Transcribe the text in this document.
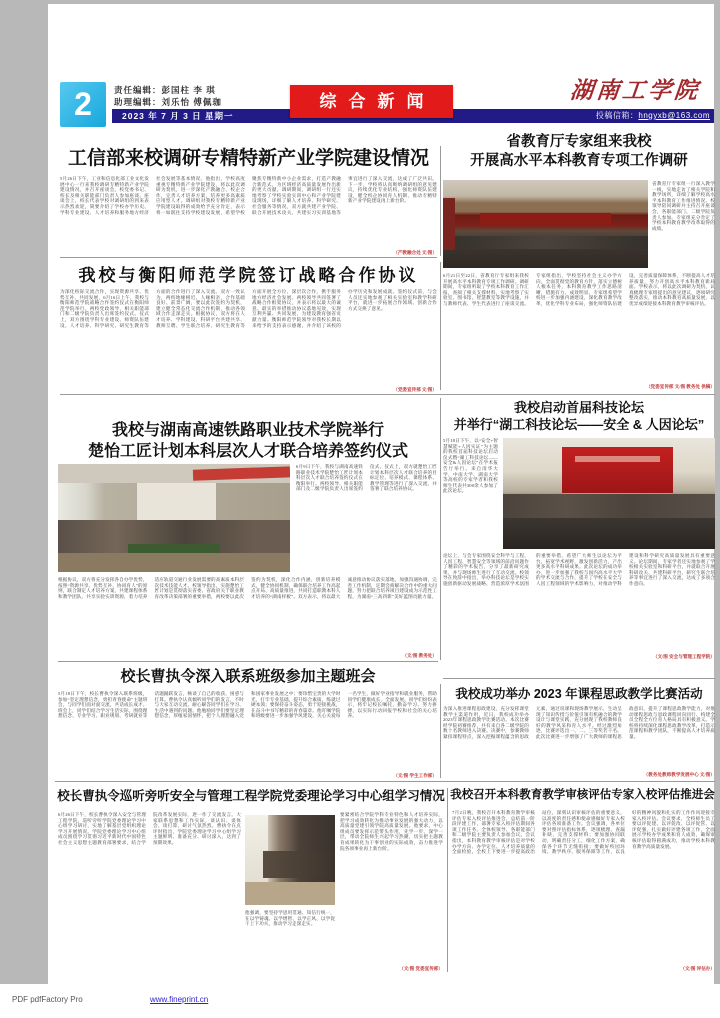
2	责任编辑：彭国柱 李 琪
助理编辑：刘乐怡 傅佩珈
2023 年 7 月 3 日 星期一
综合新闻	湖南工学院
投稿信箱：hngyxb@163.com
工信部来校调研专精特新产业学院建设情况
5月26日下午，工业和信息化部工业文化发展中心一行来我校调研专精特新产业学院建设情况，并召开座谈会。校党委书记、校长及相关职能部门负责人参加座谈。座谈会上，校长代表学校对调研组的到来表示热烈欢迎，简要介绍了学校办学历史、学科专业建设、人才培养和服务地方经济社会发展等基本情况。他指出，学校高度重视专精特新产业学院建设，将以此次调研为契机，进一步深化产教融合、校企合作，完善人才培养方案，培养更多高素质应用型人才。调研组对我校专精特新产业学院建设取得的成效给予充分肯定，表示将一如既往支持学校建设发展，希望学校聚焦专精特新中小企业需求，打造产教融合新范式，为区域经济高质量发展作出新的更大贡献。调研期间，调研组一行还实地考察了学校实验实训中心和产业学院建设现场，详细了解人才培养、科学研究、社会服务等情况，双方就共建产业学院、联合开展技术攻关、共建实习实训基地等事宜进行了深入交流，达成了广泛共识。下一步，学校将认真吸纳调研组的意见建议，持续优化专业结构，强化师资队伍建设，健全校企协同育人机制，推动专精特新产业学院建设再上新台阶。
（产教融合处 文/图）
省教育厅专家组来我校
开展高水平本科教育专项工作调研
省教育厅专家组一行深入教学一线，实地走访了相关学院和教学场所，详细了解学校高水平本科教育工作推进情况。校领导陪同调研并主持召开座谈会，各职能部门、二级学院负责人参加。专家组充分肯定了学校本科教育教学改革取得的成绩。
6月21日至22日，省教育厅专家组来我校开展高水平本科教育专项工作调研。调研期间，专家组听取了学校本科教育工作汇报，查阅了相关支撑材料，实地考察了实验室、图书馆、智慧教室等教学设施，并与教师代表、学生代表进行了座谈交流。专家组指出，学校坚持社会主义办学方向，全面贯彻党的教育方针，落实立德树人根本任务，本科教育教学工作思路清晰、措施有力、成效明显。专家组希望学校进一步加强内涵建设，深化教育教学改革，优化学科专业布局，强化师资队伍建设，完善质量保障体系，不断提高人才培养质量，努力开创高水平本科教育新局面。学校表示，将以此次调研为契机，认真梳理专家组提出的意见建议，逐项研究整改落实，推动本科教育高质量发展，以优异成绩迎接本科教育教学审核评估。
（党委宣传部 文/图 教务处 供稿）
我校与衡阳师范学院签订战略合作协议
为深化校际交流合作，实现资源共享、优势互补、共同发展，6月16日上午，我校与衡阳师范学院战略合作签约仪式在衡阳师范学院举行。两校党政领导、相关职能部门和二级学院负责人出席签约仪式。仪式上，双方围绕学科专业建设、师资队伍建设、人才培养、科学研究、研究生教育等方面的合作进行了深入交流。双方一致认为，两校地缘相近、人缘相亲，合作基础良好、前景广阔，要以此次签约为契机，建立健全常态化交流合作机制，推动各领域合作走深走实。根据协议，双方将在人才培养、学科建设、科研平台共建共享、教师互聘、学生联合培养、研究生教育等方面开展全方位、深层次合作，携手服务地方经济社会发展。两校领导共同签署了战略合作框架协议，并表示将以最大的诚意、最实的举措推动协议落地见效，实现互利共赢、共同发展，为建设教育强省贡献力量。衡阳师范学院领导对我校长期以来给予的支持表示感谢，并介绍了该校的办学历史和发展成就。签约仪式前，与会人员还实地参观了相关实验室和教学科研平台，就进一步拓展合作领域、创新合作方式交换了意见。
（党委宣传部 文/图）
我校启动首届科技论坛
并举行“湖工科技论坛——安全 & 人因论坛”
5月18日下午，以“安全+智慧赋能+人因实证”为主题的我校首届科技论坛启动仪式暨“湖工科技论坛——安全&人因论坛”在学术报告厅举行。来自清华大学、中南大学、湖南大学等高校的专家学者和我校师生代表共300余人参加了此次论坛。
论坛上，与会专家围绕安全科学与工程、人因工程、智慧安全等领域的前沿问题作了精彩的学术报告，分享了最新研究成果，并与现场师生进行了互动交流。校领导在致辞中指出，举办科技论坛是学校实施创新驱动发展战略、营造浓厚学术氛围的重要举措，希望广大师生以论坛为平台，拓宽学术视野，激发创新活力，产出更多高水平科研成果。此次论坛的成功举办，进一步加强了我校与国内高水平大学的学术交流与合作，提升了学校在安全与人因工程领域的学术影响力，对推动学科建设和科学研究高质量发展具有重要意义。论坛期间，专家学者还实地参观了学校相关实验室和科研平台，并就联合开展科研攻关、共建科研平台、研究生联合培养等事宜进行了深入交流，达成了多项合作意向。
（文/图 安全与管理工程学院）
我校与湖南高速铁路职业技术学院举行
楚怡工匠计划本科层次人才联合培养签约仪式
6月9日下午，我校与湖南高速铁路职业技术学院楚怡工匠计划本科层次人才联合培养签约仪式在衡阳举行。两校领导、相关职能部门及二级学院负责人出席签约仪式。仪式上，双方就楚怡工匠计划本科层次人才联合培养的目标定位、培养模式、课程体系、教学管理等进行了深入交流，并签署了联合培养协议。
根据协议，双方将充分发挥各自办学优势，按照“资源共享、优势互补、协同育人”的原则，联合制定人才培养方案，共建课程体系和教学团队，共享实验实训资源，着力培养适应轨道交通行业发展需要的高素质本科层次技术技能人才。校领导指出，实施楚怡工匠计划是贯彻落实省委、省政府关于职业教育改革决策部署的重要举措，两校要以此次签约为契机，深化合作内涵，创新培养模式，健全协同机制，确保联合培养工作高起点开局、高质量推进，共同打造职教本科人才培养的“湖南样板”。双方表示，将以最大诚意推动协议落实落地，加强沟通协调，完善工作机制，定期会商解决合作中的重大问题，努力把联合培养项目建设成为示范性工程，为湖南“三高四新”美好蓝图贡献力量。
（文/图 教务处）
校长曹执令深入联系班级参加主题班会
5月18日下午，校长曹执令深入联系班级，参加“坚定理想信念，勇担青春使命”主题班会，与同学们面对面交流，共话成长成才。班会上，同学们结合学习生活实际，围绕理想信念、专业学习、职业规划、考研就业等话题踊跃发言，畅谈了自己的收获、困惑与打算。曹执令认真倾听同学们的发言，不时与大家互动交流，耐心解答同学们在学习、生活中遇到的问题。他勉励同学们要坚定理想信念，厚植家国情怀，把个人理想融入党和国家事业发展之中；要珍惜宝贵的大学时光，打牢专业基础，提升综合素质，练就过硬本领；要保持奋斗姿态，勇于迎接挑战，在奋斗中书写精彩的青春篇章。他叮嘱学院和班级要进一步加强学风建设，关心关爱每一名学生，做好学业指导和就业服务，帮助同学们健康成长、全面发展。同学们纷纷表示，将牢记校长嘱托，勤奋学习、努力拼搏，以实际行动回报学校和社会的关心培养。
（文/图 学生工作部）
我校成功举办 2023 年课程思政教学比赛活动
为深入推进课程思政建设，充分发挥课堂教学主渠道作用，近日，我校成功举办2023年课程思政教学比赛活动。本次比赛经学院初赛推荐，共有来自各二级学院的数十名教师进入决赛。决赛中，参赛教师紧扣课程特点，深入挖掘课程蕴含的思政元素，通过说课和现场教学展示，生动呈现了知识传授与价值引领有机融合的教学设计与课堂实践，充分展现了我校教师良好的教学风采和育人水平。经过激烈角逐，比赛评选出一、二、三等奖若干名。此次比赛进一步增强了广大教师的课程思政意识，提升了课程思政教学能力，对推动课程思政与思政课程同向同行、构建全员全程全方位育人格局具有积极意义。学校将持续深化课程思政教学改革，打造示范课程和教学团队，不断提高人才培养质量。
（教务处教师教学发展中心 文/图）
校长曹执令巡听旁听安全与管理工程学院党委理论学习中心组学习情况
6月26日下午，校长曹执令深入安全与管理工程学院，巡听旁听学院党委理论学习中心组学习研讨，实地了解基层党组织理论学习开展情况。学院党委理论学习中心组成员围绕学习贯彻习近平新时代中国特色社会主义思想主题教育部署要求，结合学院改革发展实际，逐一作了交流发言。大家联系思想和工作实际，谈认识、谈体会、谈打算，研讨气氛热烈。曹执令在点评时指出，学院党委理论学习中心组学习主题鲜明、准备充分、研讨深入，达到了预期效果。
他强调，要坚持学思用贯通、知信行统一，在以学铸魂、以学增智、以学正风、以学促干上下功夫，推动学习走深走实。
要紧密结合学院学科专业特色和人才培养实际，把学习成效转化为推动事业发展的强大动力，以高质量党建引领学院高质量发展。他要求，中心组成员要发挥示范带头作用，先学一步、深学一层，带动全院师生兴起学习热潮，切实把主题教育成果转化为干事创业的实际成效，奋力推进学院各项事业再上新台阶。
（文/图 党委宣传部）
我校召开本科教育教学审核评估专家入校评估推进会
7月2日晚，我校召开本科教育教学审核评估专家入校评估推进会，总结前一阶段评建工作，部署专家入校评估期间各项工作任务。全体校领导、各职能部门和二级学院主要负责人参加会议。会议指出，本科教育教学审核评估是对学校办学方向、办学定位、人才培养质量的全面检验，全校上下要进一步提高政治站位，深刻认识审核评估的重要意义，以高度的责任感和使命感做好专家入校评估各项准备工作。会议强调，各单位要对照评估指标体系，逐项梳理、查漏补缺，完善支撑材料；要加强协同联动，明确责任分工，细化工作方案，确保各个环节无缝衔接；要做好校园环境、教学秩序、服务保障等工作，以良好的精神风貌和扎实的工作作风迎接专家入校评估。会议要求，全校师生员工要以评促建、以评促改、以评促管、以评促强，扎实做好评建各项工作，全面展示学校办学成果和育人成效，确保审核评估取得圆满成功，推动学校本科教育教学高质量发展。
（文/图 评估办）
PDF pdfFactory Pro	www.fineprint.cn
